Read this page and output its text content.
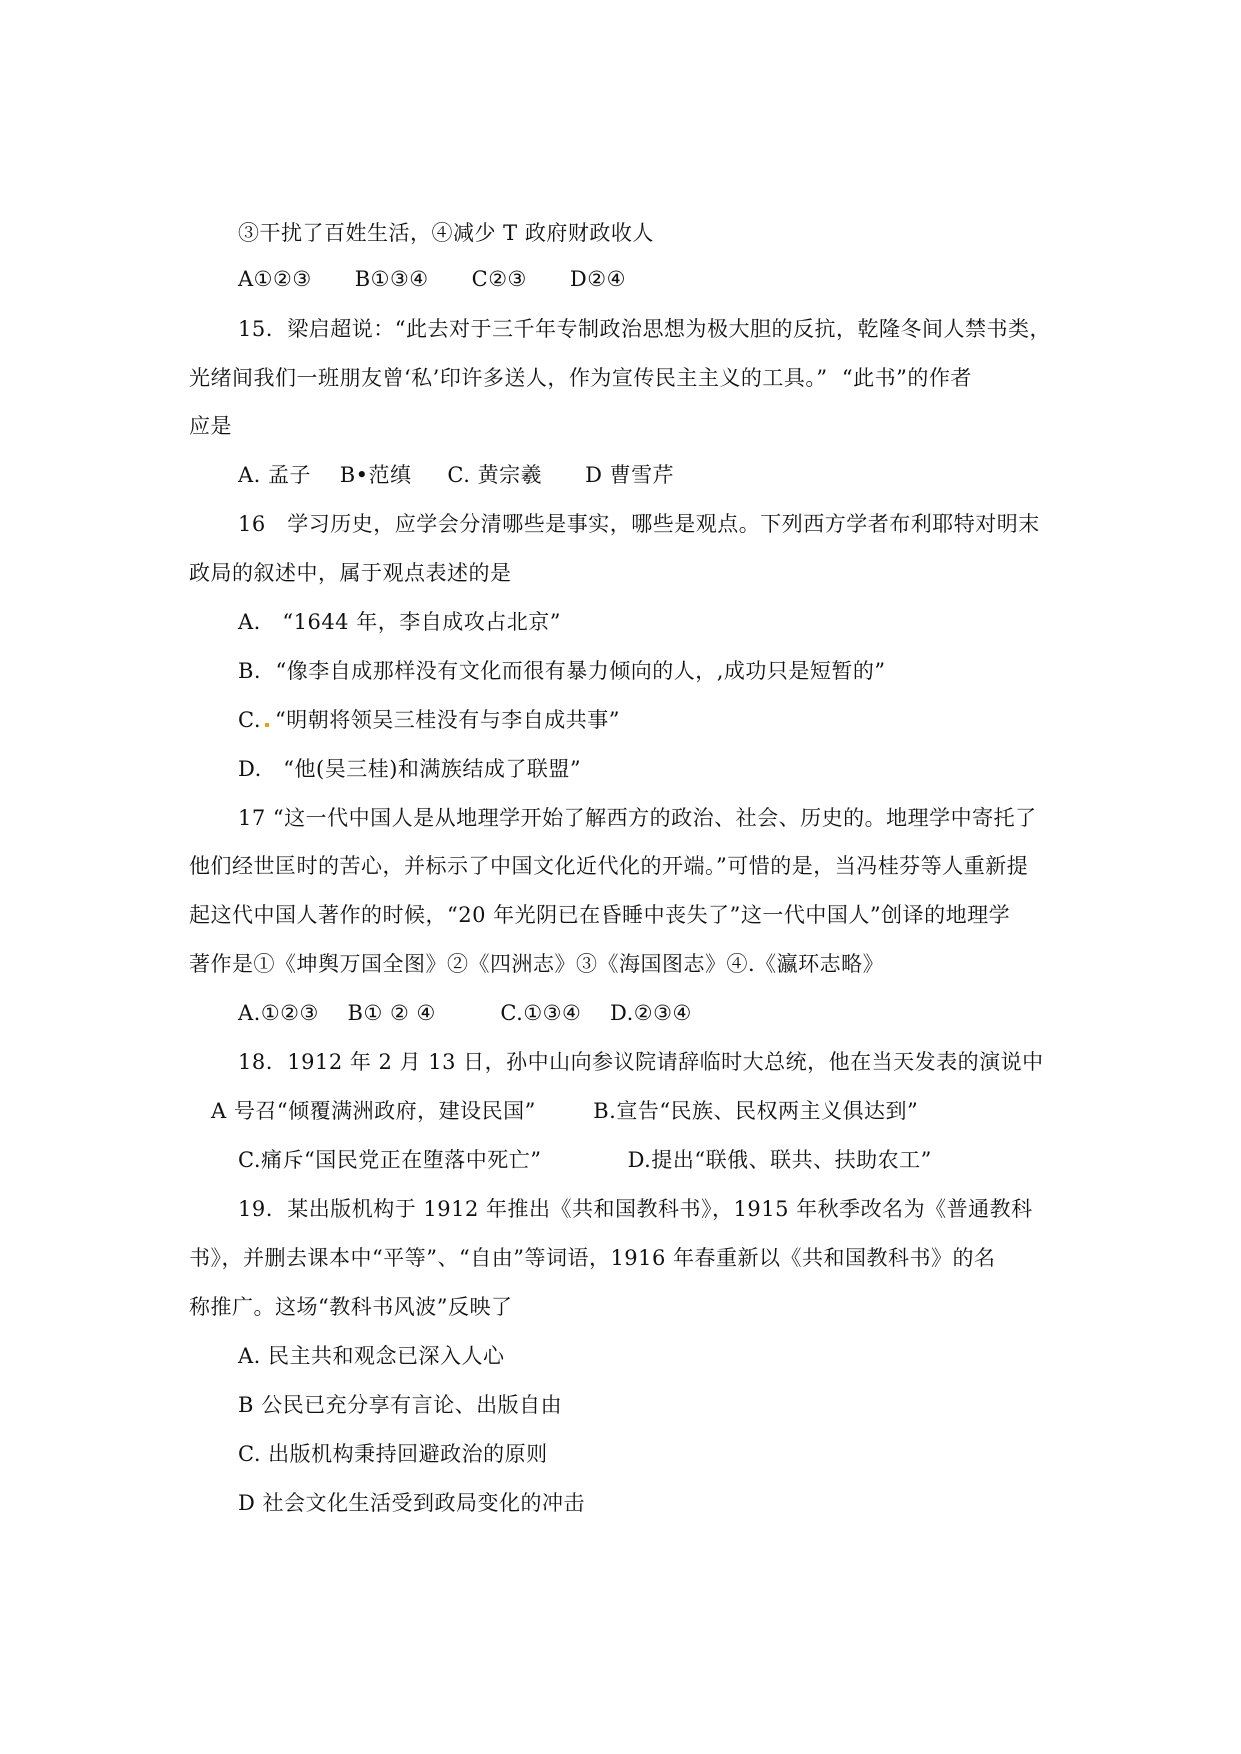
③干扰了百姓生活，④减少 T 政府财政收人
A①②③      B①③④      C②③      D②④
15.  梁启超说：“此去对于三千年专制政治思想为极大胆的反抗，乾隆冬间人禁书类，
光绪间我们一班朋友曾‘私’印许多送人，作为宣传民主主义的工具。”  “此书”的作者
应是
A. 孟子    B•范缜     C. 黄宗羲      D 曹雪芹
16   学习历史，应学会分清哪些是事实，哪些是观点。下列西方学者布利耶特对明末
政局的叙述中，属于观点表述的是
A.   “1644 年，李自成攻占北京”
B.  “像李自成那样没有文化而很有暴力倾向的人，,成功只是短暂的”
C. “明朝将领吴三桂没有与李自成共事”
D.   “他(吴三桂)和满族结成了联盟”
17 “这一代中国人是从地理学开始了解西方的政治、社会、历史的。地理学中寄托了
他们经世匡时的苦心，并标示了中国文化近代化的开端。”可惜的是，当冯桂芬等人重新提
起这代中国人著作的时候，“20 年光阴已在昏睡中丧失了”这一代中国人”创译的地理学
著作是①《坤舆万国全图》②《四洲志》③《海国图志》④.《瀛环志略》
A.①②③    B① ② ④         C.①③④    D.②③④
18.  1912 年 2 月 13 日，孙中山向参议院请辞临时大总统，他在当天发表的演说中
A 号召“倾覆满洲政府，建设民国”        B.宣告“民族、民权两主义俱达到”
C.痛斥“国民党正在堕落中死亡”            D.提出“联俄、联共、扶助农工”
19.  某出版机构于 1912 年推出《共和国教科书》，1915 年秋季改名为《普通教科
书》，并删去课本中“平等”、“自由”等词语，1916 年春重新以《共和国教科书》的名
称推广。这场“教科书风波”反映了
A. 民主共和观念已深入人心
B 公民已充分享有言论、出版自由
C. 出版机构秉持回避政治的原则
D 社会文化生活受到政局变化的冲击
